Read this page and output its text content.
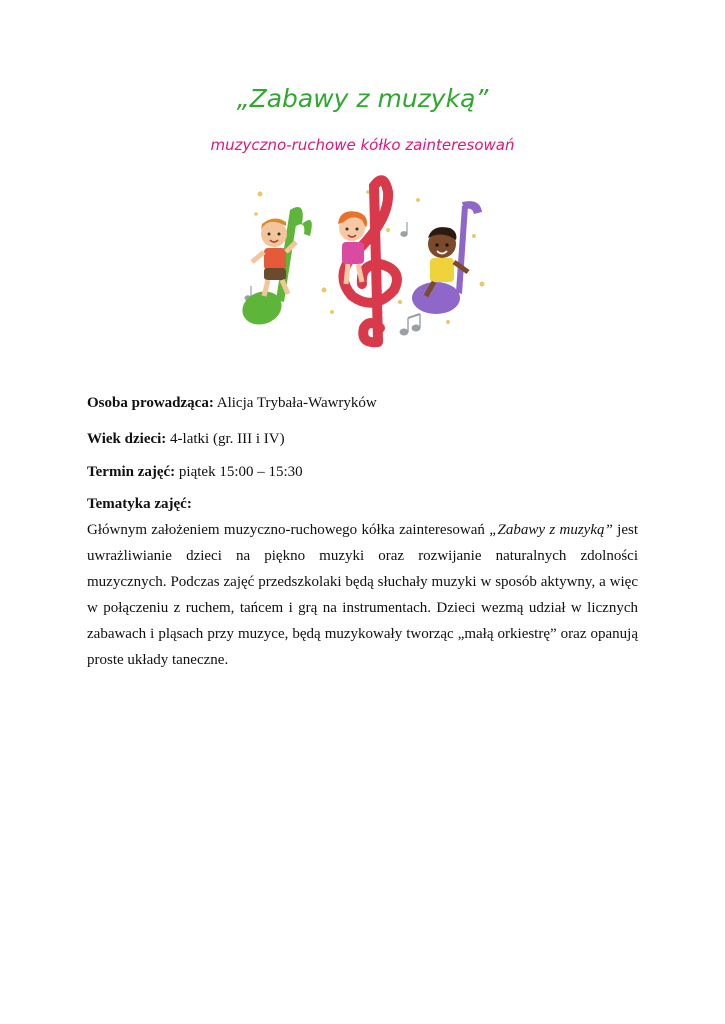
„Zabawy z muzyką”
muzyczno-ruchowe kółko zainteresowań

Osoba prowadząca: Alicja Trybała-Wawryków

Wiek dzieci: 4-latki (gr. III i IV)

Termin zajęć: piątek 15:00 – 15:30

Tematyka zajęć:

Głównym założeniem muzyczno-ruchowego kółka zainteresowań „Zabawy z muzyką” jest uwrażliwianie dzieci na piękno muzyki oraz rozwijanie naturalnych zdolności muzycznych. Podczas zajęć przedszkolaki będą słuchały muzyki w sposób aktywny, a więc w połączeniu z ruchem, tańcem i grą na instrumentach. Dzieci wezmą udział w licznych zabawach i pląsach przy muzyce, będą muzykowały tworząc „małą orkiestrę” oraz opanują proste układy taneczne.
